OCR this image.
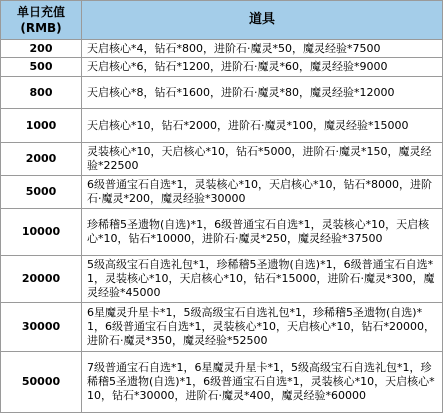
单日充值
(RMB)	道具
200	天启核心*4，钻石*800，进阶石·魔灵*50，魔灵经验*7500
500	天启核心*6，钻石*1200，进阶石·魔灵*60，魔灵经验*9000
800	天启核心*8，钻石*1600，进阶石·魔灵*80，魔灵经验*12000
1000	天启核心*10，钻石*2000，进阶石·魔灵*100，魔灵经验*15000
2000	灵装核心*10，天启核心*10，钻石*5000，进阶石·魔灵*150，魔灵经验*22500
5000	6级普通宝石自选*1，灵装核心*10，天启核心*10，钻石*8000，进阶石·魔灵*200，魔灵经验*30000
10000	珍稀稽5圣遗物(自选)*1，6级普通宝石自选*1，灵装核心*10，天启核心*10，钻石*10000，进阶石·魔灵*250，魔灵经验*37500
20000	5级高级宝石自选礼包*1，珍稀稽5圣遗物(自选)*1，6级普通宝石自选*1，灵装核心*10，天启核心*10，钻石*15000，进阶石·魔灵*300，魔灵经验*45000
30000	6星魔灵升星卡*1，5级高级宝石自选礼包*1，珍稀稽5圣遗物(自选)*1，6级普通宝石自选*1，灵装核心*10，天启核心*10，钻石*20000，进阶石·魔灵*350，魔灵经验*52500
50000	7级普通宝石自选*1，6星魔灵升星卡*1，5级高级宝石自选礼包*1，珍稀稽5圣遗物(自选)*1，6级普通宝石自选*1，灵装核心*10，天启核心*10，钻石*30000，进阶石·魔灵*400，魔灵经验*60000
